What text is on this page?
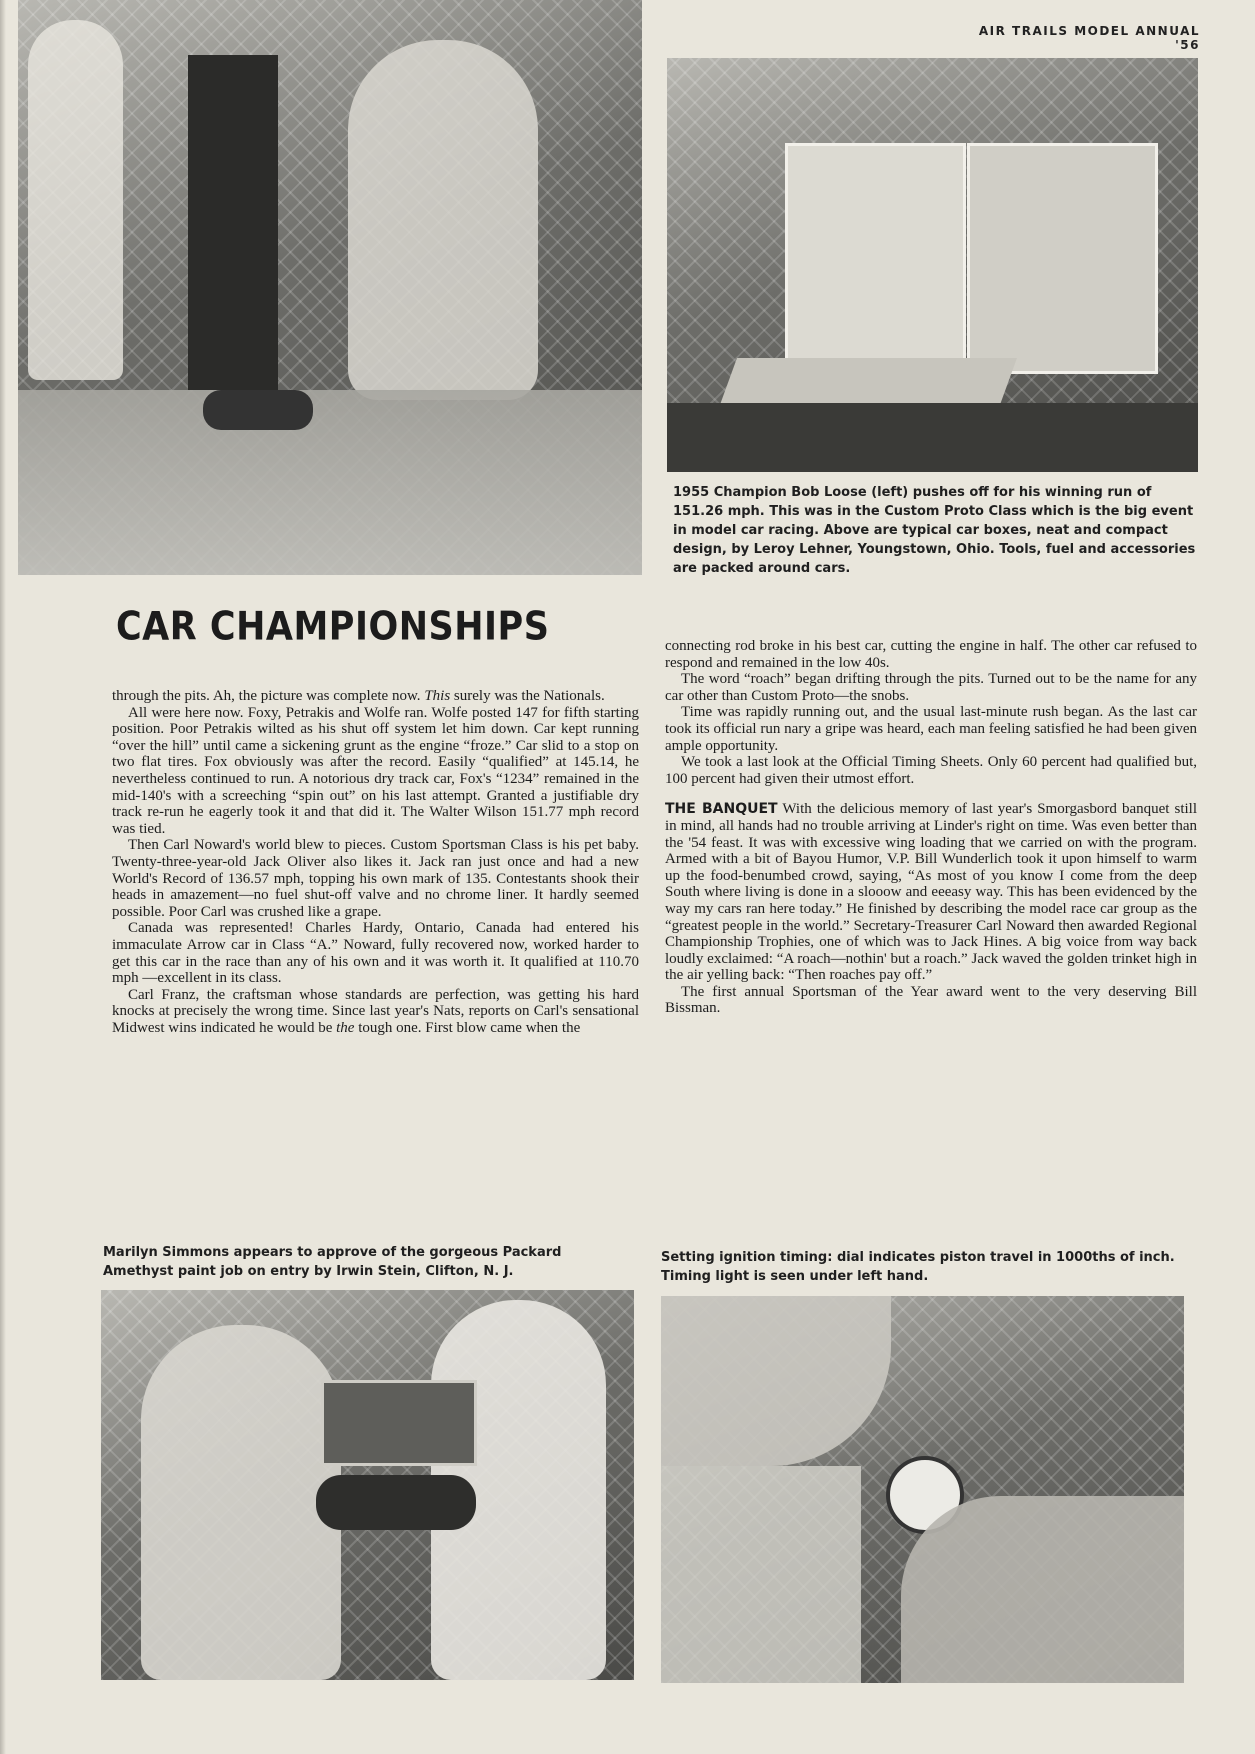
AIR TRAILS MODEL ANNUAL '56
1955 Champion Bob Loose (left) pushes off for his winning run of 151.26 mph. This was in the Custom Proto Class which is the big event in model car racing. Above are typical car boxes, neat and compact design, by Leroy Lehner, Youngstown, Ohio. Tools, fuel and accessories are packed around cars.
CAR CHAMPIONSHIPS

through the pits. Ah, the picture was complete now. This surely was the Nationals.

All were here now. Foxy, Petrakis and Wolfe ran. Wolfe posted 147 for fifth starting position. Poor Petrakis wilted as his shut off system let him down. Car kept running “over the hill” until came a sickening grunt as the engine “froze.” Car slid to a stop on two flat tires. Fox obviously was after the record. Easily “qualified” at 145.14, he nevertheless continued to run. A notorious dry track car, Fox's “1234” remained in the mid-140's with a screeching “spin out” on his last attempt. Granted a justifiable dry track re-run he eagerly took it and that did it. The Walter Wilson 151.77 mph record was tied.

Then Carl Noward's world blew to pieces. Custom Sportsman Class is his pet baby. Twenty-three-year-old Jack Oliver also likes it. Jack ran just once and had a new World's Record of 136.57 mph, topping his own mark of 135. Contestants shook their heads in amazement—no fuel shut-off valve and no chrome liner. It hardly seemed possible. Poor Carl was crushed like a grape.

Canada was represented! Charles Hardy, Ontario, Canada had entered his immaculate Arrow car in Class “A.” Noward, fully recovered now, worked harder to get this car in the race than any of his own and it was worth it. It qualified at 110.70 mph —excellent in its class.

Carl Franz, the craftsman whose standards are perfection, was getting his hard knocks at precisely the wrong time. Since last year's Nats, reports on Carl's sensational Midwest wins indicated he would be the tough one. First blow came when the

connecting rod broke in his best car, cutting the engine in half. The other car refused to respond and remained in the low 40s.

The word “roach” began drifting through the pits. Turned out to be the name for any car other than Custom Proto—the snobs.

Time was rapidly running out, and the usual last-minute rush began. As the last car took its official run nary a gripe was heard, each man feeling satisfied he had been given ample opportunity.

We took a last look at the Official Timing Sheets. Only 60 percent had qualified but, 100 percent had given their utmost effort.

THE BANQUET With the delicious memory of last year's Smorgasbord banquet still in mind, all hands had no trouble arriving at Linder's right on time. Was even better than the '54 feast. It was with excessive wing loading that we carried on with the program. Armed with a bit of Bayou Humor, V.P. Bill Wunderlich took it upon himself to warm up the food-benumbed crowd, saying, “As most of you know I come from the deep South where living is done in a slooow and eeeasy way. This has been evidenced by the way my cars ran here today.” He finished by describing the model race car group as the “greatest people in the world.” Secretary-Treasurer Carl Noward then awarded Regional Championship Trophies, one of which was to Jack Hines. A big voice from way back loudly exclaimed: “A roach—nothin' but a roach.” Jack waved the golden trinket high in the air yelling back: “Then roaches pay off.”

The first annual Sportsman of the Year award went to the very deserving Bill Bissman.

Marilyn Simmons appears to approve of the gorgeous Packard Amethyst paint job on entry by Irwin Stein, Clifton, N. J.
Setting ignition timing: dial indicates piston travel in 1000ths of inch. Timing light is seen under left hand.
